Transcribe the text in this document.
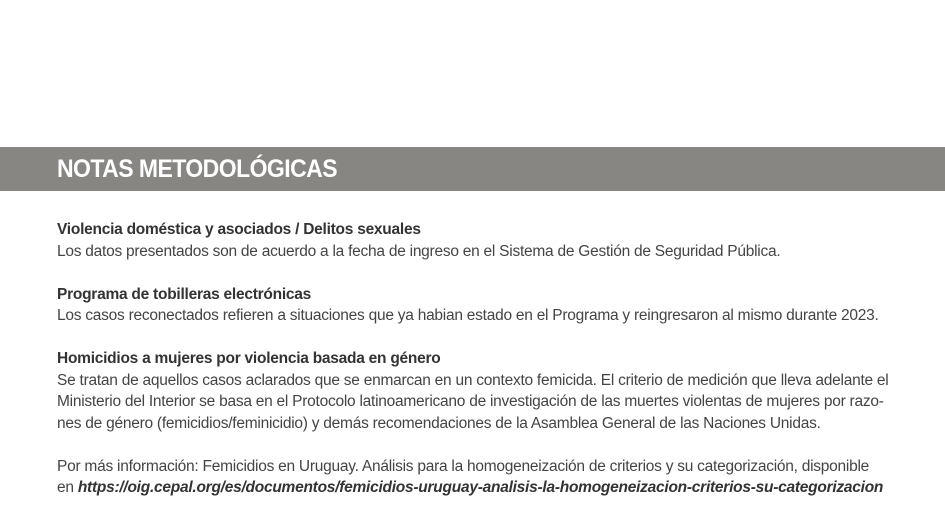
NOTAS METODOLÓGICAS
Violencia doméstica y asociados / Delitos sexuales
Los datos presentados son de acuerdo a la fecha de ingreso en el Sistema de Gestión de Seguridad Pública.
Programa de tobilleras electrónicas
Los casos reconectados refieren a situaciones que ya habian estado en el Programa y reingresaron al mismo durante 2023.
Homicidios a mujeres por violencia basada en género
Se tratan de aquellos casos aclarados que se enmarcan en un contexto femicida. El criterio de medición que lleva adelante el
Ministerio del Interior se basa en el Protocolo latinoamericano de investigación de las muertes violentas de mujeres por razo-
nes de género (femicidios/feminicidio) y demás recomendaciones de la Asamblea General de las Naciones Unidas.
Por más información: Femicidios en Uruguay. Análisis para la homogeneización de criterios y su categorización, disponible
en https://oig.cepal.org/es/documentos/femicidios-uruguay-analisis-la-homogeneizacion-criterios-su-categorizacion
